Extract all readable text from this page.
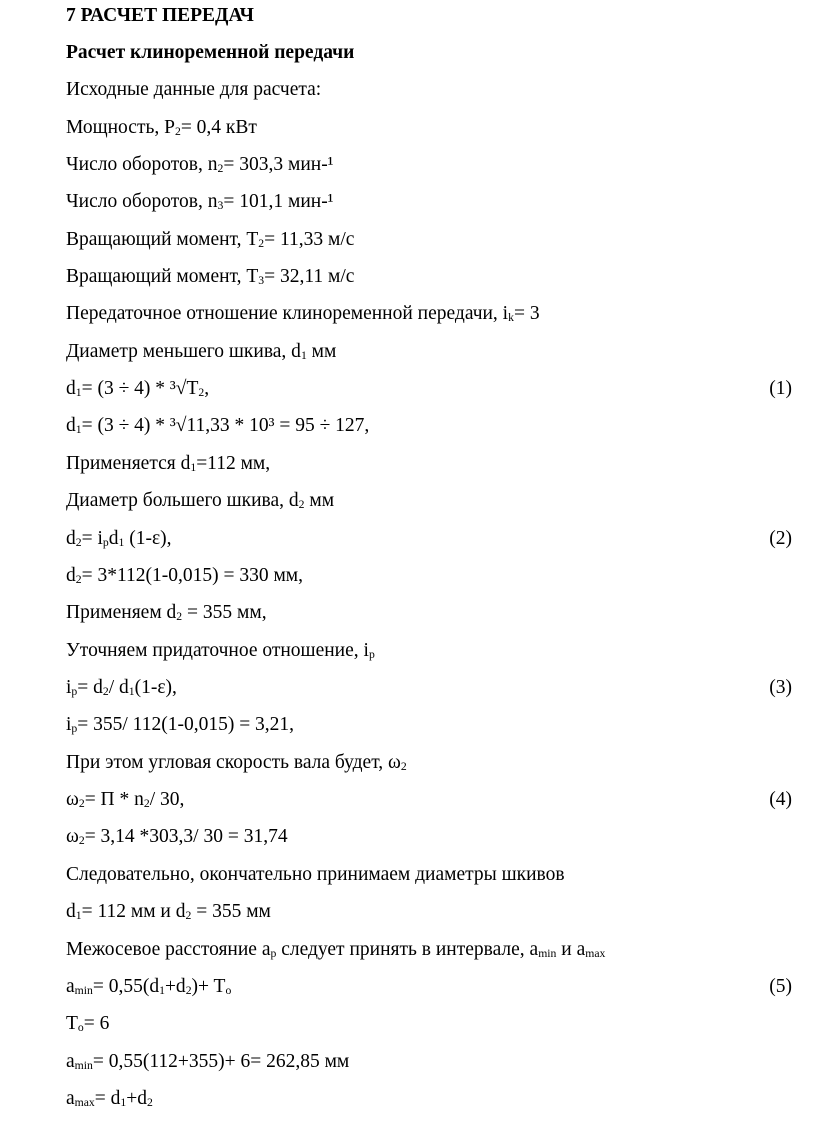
7 РАСЧЕТ ПЕРЕДАЧ
Расчет клиноременной передачи
Исходные данные для расчета:
Мощность, $P_2= 0,4$ кВт
Число оборотов, $n_2= 303,3$ мин-¹
Число оборотов, $n_3= 101,1$ мин-¹
Вращающий момент, $T_2= 11,33$ м/с
Вращающий момент, $T_3= 32,11$ м/с
Передаточное отношение клиноременной передачи, $i_k= 3$
Диаметр меньшего шкива, $d_1$ мм
$d_1= (3 \div 4) * ^3√T_2$,	(1)
$d_1= (3 \div 4) * ^3√11,33 * 10^3 = 95 \div 127$,
Применяется $d_1=112$ мм,
Диаметр большего шкива, $d_2$ мм
$d_2= i_pd_1$ (1-ε),	(2)
$d_2= 3*112(1-0,015) = 330$ мм,
Применяем $d_2 = 355$ мм,
Уточняем придаточное отношение, $i_p$
$i_p= d_2/$ $d_1(1-\varepsilon)$,	(3)
$i_p= 355/$ 112(1-0,015) = 3,21,
При этом угловая скорость вала будет, $\omega_2$
$\omega_2= П * n_2/$ 30,	(4)
$\omega_2= 3,14$ *303,3/ 30 = 31,74
Следовательно, окончательно принимаем диаметры шкивов
$d_1= 112$ мм и $d_2 = 355$ мм
Межосевое расстояние $a_p$ следует принять в интервале, $a_{min}$ и $a_{max}$
$a_{min}= 0,55(d_1+d_2)+ T_o$	(5)
$T_o= 6$
$a_{min}= 0,55(112+355)+ 6= 262,85$ мм
$a_{max}= d_1+d_2$
